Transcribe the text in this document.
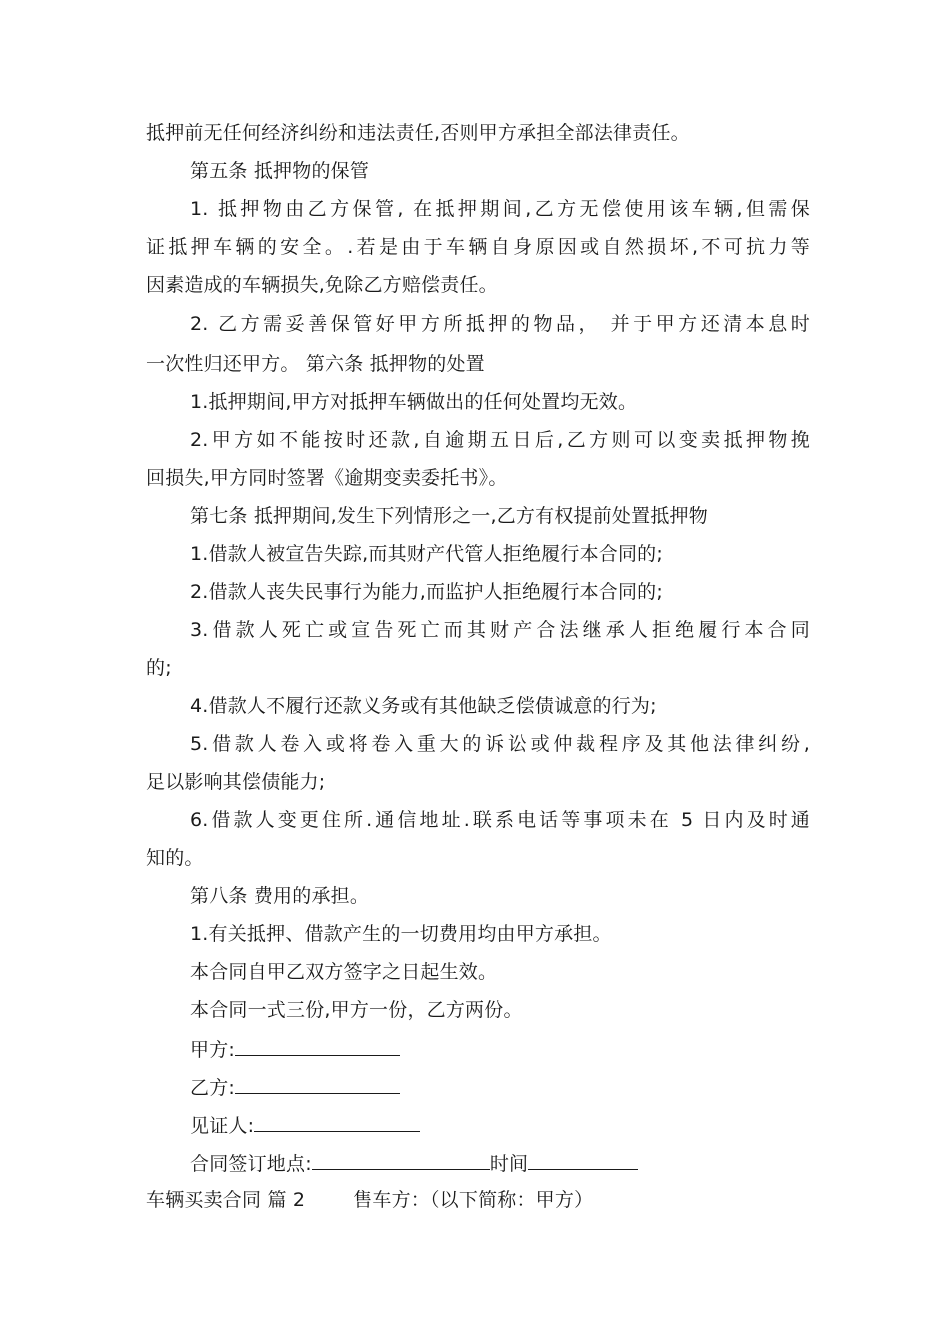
抵押前无任何经济纠纷和违法责任,否则甲方承担全部法律责任。
第五条 抵押物的保管
1. 抵押物由乙方保管, 在抵押期间,乙方无偿使用该车辆,但需保
证抵押车辆的安全。.若是由于车辆自身原因或自然损坏,不可抗力等
因素造成的车辆损失,免除乙方赔偿责任。
2. 乙方需妥善保管好甲方所抵押的物品， 并于甲方还清本息时
一次性归还甲方。 第六条 抵押物的处置
1.抵押期间,甲方对抵押车辆做出的任何处置均无效。
2.甲方如不能按时还款,自逾期五日后,乙方则可以变卖抵押物挽
回损失,甲方同时签署《逾期变卖委托书》。
第七条 抵押期间,发生下列情形之一,乙方有权提前处置抵押物
1.借款人被宣告失踪,而其财产代管人拒绝履行本合同的;
2.借款人丧失民事行为能力,而监护人拒绝履行本合同的;
3.借款人死亡或宣告死亡而其财产合法继承人拒绝履行本合同
的;
4.借款人不履行还款义务或有其他缺乏偿债诚意的行为;
5.借款人卷入或将卷入重大的诉讼或仲裁程序及其他法律纠纷,
足以影响其偿债能力;
6.借款人变更住所.通信地址.联系电话等事项未在 5 日内及时通
知的。
第八条 费用的承担。
1.有关抵押、借款产生的一切费用均由甲方承担。
本合同自甲乙双方签字之日起生效。
本合同一式三份,甲方一份，乙方两份。
甲方:
乙方:
见证人:
合同签订地点:	时间
车辆买卖合同 篇 2	售车方：（以下简称：甲方）
